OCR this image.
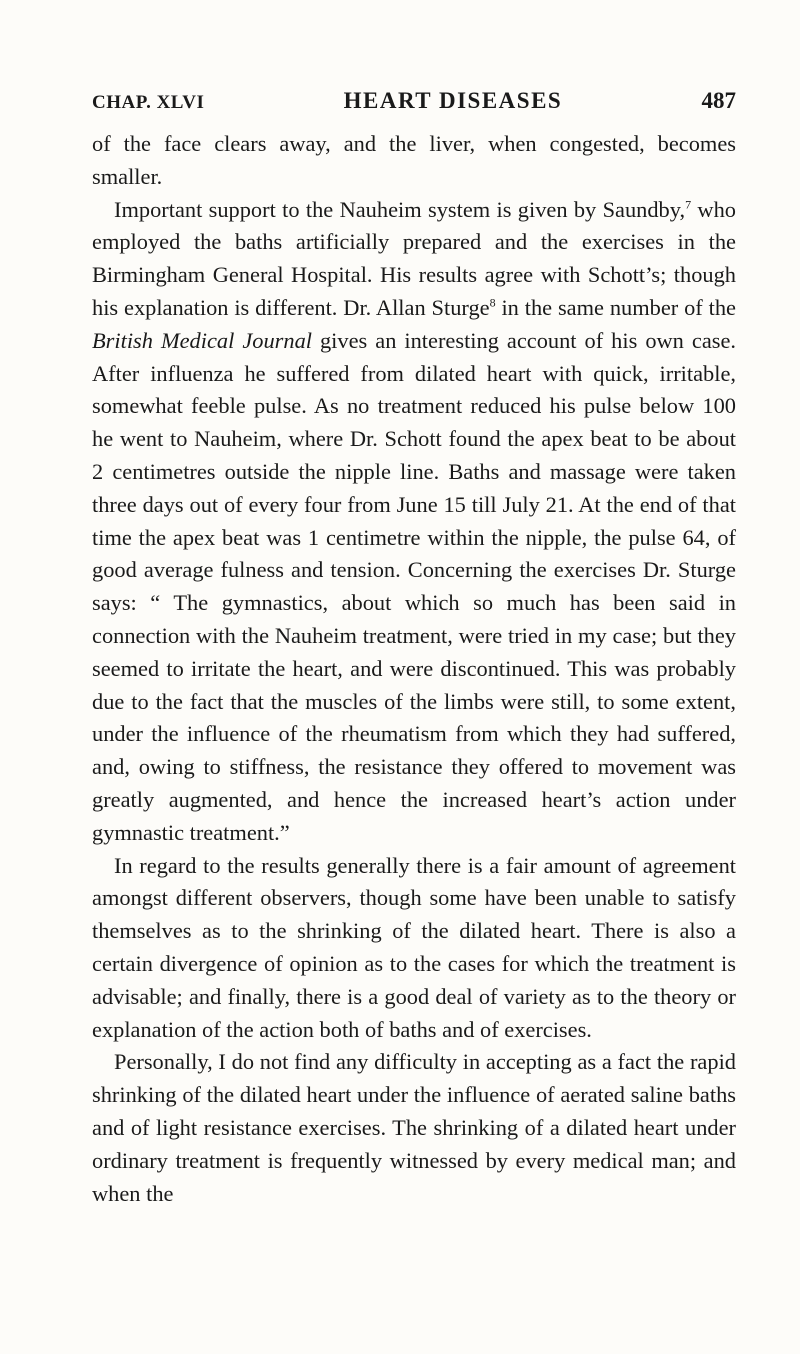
CHAP. XLVI	HEART DISEASES	487

of the face clears away, and the liver, when congested, becomes smaller.

Important support to the Nauheim system is given by Saundby,$^7$ who employed the baths artificially prepared and the exercises in the Birmingham General Hospital. His results agree with Schott’s; though his explanation is different. Dr. Allan Sturge$^8$ in the same number of the British Medical Journal gives an interesting account of his own case. After influenza he suffered from dilated heart with quick, irritable, somewhat feeble pulse. As no treatment reduced his pulse below 100 he went to Nauheim, where Dr. Schott found the apex beat to be about 2 centimetres outside the nipple line. Baths and massage were taken three days out of every four from June 15 till July 21. At the end of that time the apex beat was 1 centimetre within the nipple, the pulse 64, of good average fulness and tension. Concerning the exercises Dr. Sturge says: “ The gymnastics, about which so much has been said in connection with the Nauheim treatment, were tried in my case; but they seemed to irritate the heart, and were discontinued. This was probably due to the fact that the muscles of the limbs were still, to some extent, under the influence of the rheumatism from which they had suffered, and, owing to stiffness, the resistance they offered to movement was greatly augmented, and hence the increased heart’s action under gymnastic treatment.”

In regard to the results generally there is a fair amount of agreement amongst different observers, though some have been unable to satisfy themselves as to the shrinking of the dilated heart. There is also a certain divergence of opinion as to the cases for which the treatment is advisable; and finally, there is a good deal of variety as to the theory or explanation of the action both of baths and of exercises.

Personally, I do not find any difficulty in accepting as a fact the rapid shrinking of the dilated heart under the influence of aerated saline baths and of light resistance exercises. The shrinking of a dilated heart under ordinary treatment is frequently witnessed by every medical man; and when the
